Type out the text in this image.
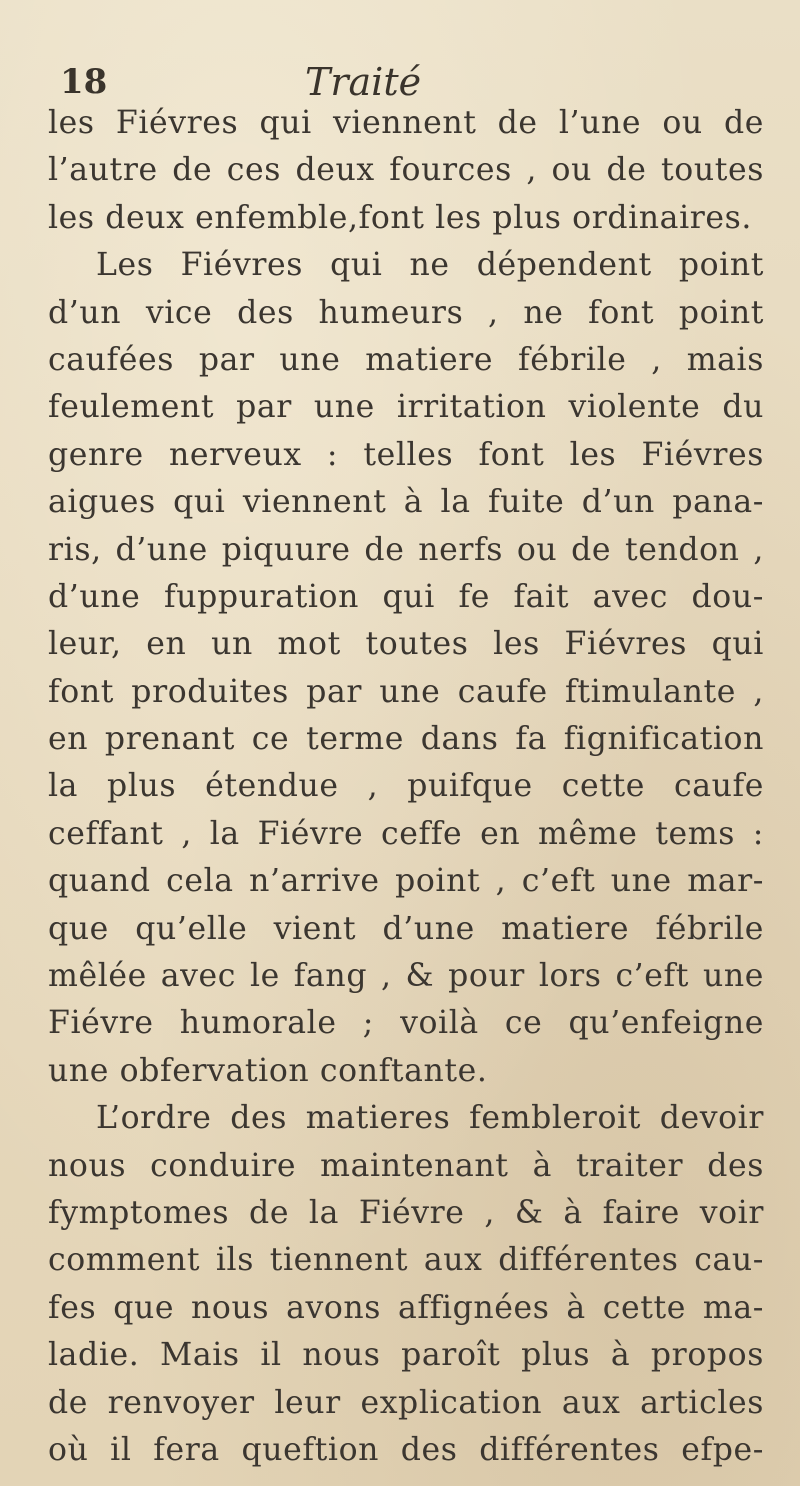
18	Traité
les Fiévres qui viennent de l’une ou de
l’autre de ces deux fources , ou de toutes
les deux enfemble,font les plus ordinaires.
Les Fiévres qui ne dépendent point
d’un vice des humeurs , ne font point
caufées par une matiere fébrile , mais
feulement par une irritation violente du
genre nerveux : telles font les Fiévres
aigues qui viennent à la fuite d’un pana-
ris, d’une piquure de nerfs ou de tendon ,
d’une fuppuration qui fe fait avec dou-
leur, en un mot toutes les Fiévres qui
font produites par une caufe ftimulante ,
en prenant ce terme dans fa fignification
la plus étendue , puifque cette caufe
ceffant , la Fiévre ceffe en même tems :
quand cela n’arrive point , c’eft une mar-
que qu’elle vient d’une matiere fébrile
mêlée avec le fang , & pour lors c’eft une
Fiévre humorale ; voilà ce qu’enfeigne
une obfervation conftante.
L’ordre des matieres fembleroit devoir
nous conduire maintenant à traiter des
fymptomes de la Fiévre , & à faire voir
comment ils tiennent aux différentes cau-
fes que nous avons affignées à cette ma-
ladie. Mais il nous paroît plus à propos
de renvoyer leur explication aux articles
où il fera queftion des différentes efpe-
